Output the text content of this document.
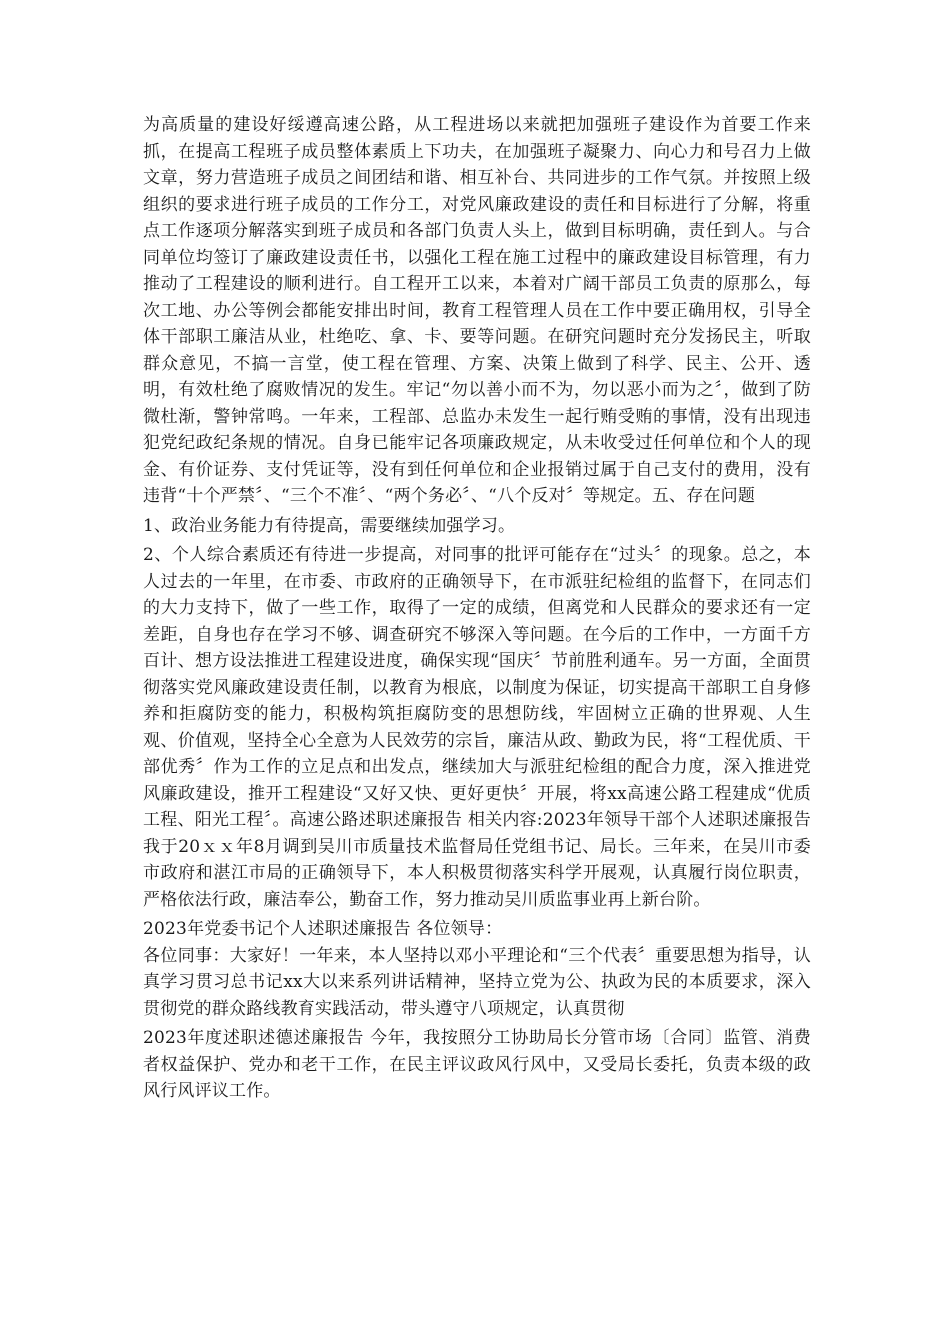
为高质量的建设好绥遵高速公路，从工程进场以来就把加强班子建设作为首要工作来抓，在提高工程班子成员整体素质上下功夫，在加强班子凝聚力、向心力和号召力上做文章，努力营造班子成员之间团结和谐、相互补台、共同进步的工作气氛。并按照上级组织的要求进行班子成员的工作分工，对党风廉政建设的责任和目标进行了分解，将重点工作逐项分解落实到班子成员和各部门负责人头上，做到目标明确，责任到人。与合同单位均签订了廉政建设责任书，以强化工程在施工过程中的廉政建设目标管理，有力推动了工程建设的顺利进行。自工程开工以来，本着对广阔干部员工负责的原那么，每次工地、办公等例会都能安排出时间，教育工程管理人员在工作中要正确用权，引导全体干部职工廉洁从业，杜绝吃、拿、卡、要等问题。在研究问题时充分发扬民主，听取群众意见，不搞一言堂，使工程在管理、方案、决策上做到了科学、民主、公开、透明，有效杜绝了腐败情况的发生。牢记“勿以善小而不为，勿以恶小而为之〞，做到了防微杜渐，警钟常鸣。一年来，工程部、总监办未发生一起行贿受贿的事情，没有出现违犯党纪政纪条规的情况。自身已能牢记各项廉政规定，从未收受过任何单位和个人的现金、有价证券、支付凭证等，没有到任何单位和企业报销过属于自己支付的费用，没有违背“十个严禁〞、“三个不准〞、“两个务必〞、“八个反对〞等规定。五、存在问题

1、政治业务能力有待提高，需要继续加强学习。

2、个人综合素质还有待进一步提高，对同事的批评可能存在“过头〞的现象。总之，本人过去的一年里，在市委、市政府的正确领导下，在市派驻纪检组的监督下，在同志们的大力支持下，做了一些工作，取得了一定的成绩，但离党和人民群众的要求还有一定差距，自身也存在学习不够、调查研究不够深入等问题。在今后的工作中，一方面千方百计、想方设法推进工程建设进度，确保实现“国庆〞节前胜利通车。另一方面，全面贯彻落实党风廉政建设责任制，以教育为根底，以制度为保证，切实提高干部职工自身修养和拒腐防变的能力，积极构筑拒腐防变的思想防线，牢固树立正确的世界观、人生观、价值观，坚持全心全意为人民效劳的宗旨，廉洁从政、勤政为民，将“工程优质、干部优秀〞作为工作的立足点和出发点，继续加大与派驻纪检组的配合力度，深入推进党风廉政建设，推开工程建设“又好又快、更好更快〞开展，将xx高速公路工程建成“优质工程、阳光工程〞。高速公路述职述廉报告 相关内容:2023年领导干部个人述职述廉报告 我于20ｘｘ年8月调到吴川市质量技术监督局任党组书记、局长。三年来，在吴川市委市政府和湛江市局的正确领导下，本人积极贯彻落实科学开展观，认真履行岗位职责，严格依法行政，廉洁奉公，勤奋工作，努力推动吴川质监事业再上新台阶。

2023年党委书记个人述职述廉报告 各位领导：

各位同事：大家好！一年来，本人坚持以邓小平理论和“三个代表〞重要思想为指导，认真学习贯习总书记xx大以来系列讲话精神，坚持立党为公、执政为民的本质要求，深入贯彻党的群众路线教育实践活动，带头遵守八项规定，认真贯彻

2023年度述职述德述廉报告 今年，我按照分工协助局长分管市场〔合同〕监管、消费者权益保护、党办和老干工作，在民主评议政风行风中，又受局长委托，负责本级的政风行风评议工作。
